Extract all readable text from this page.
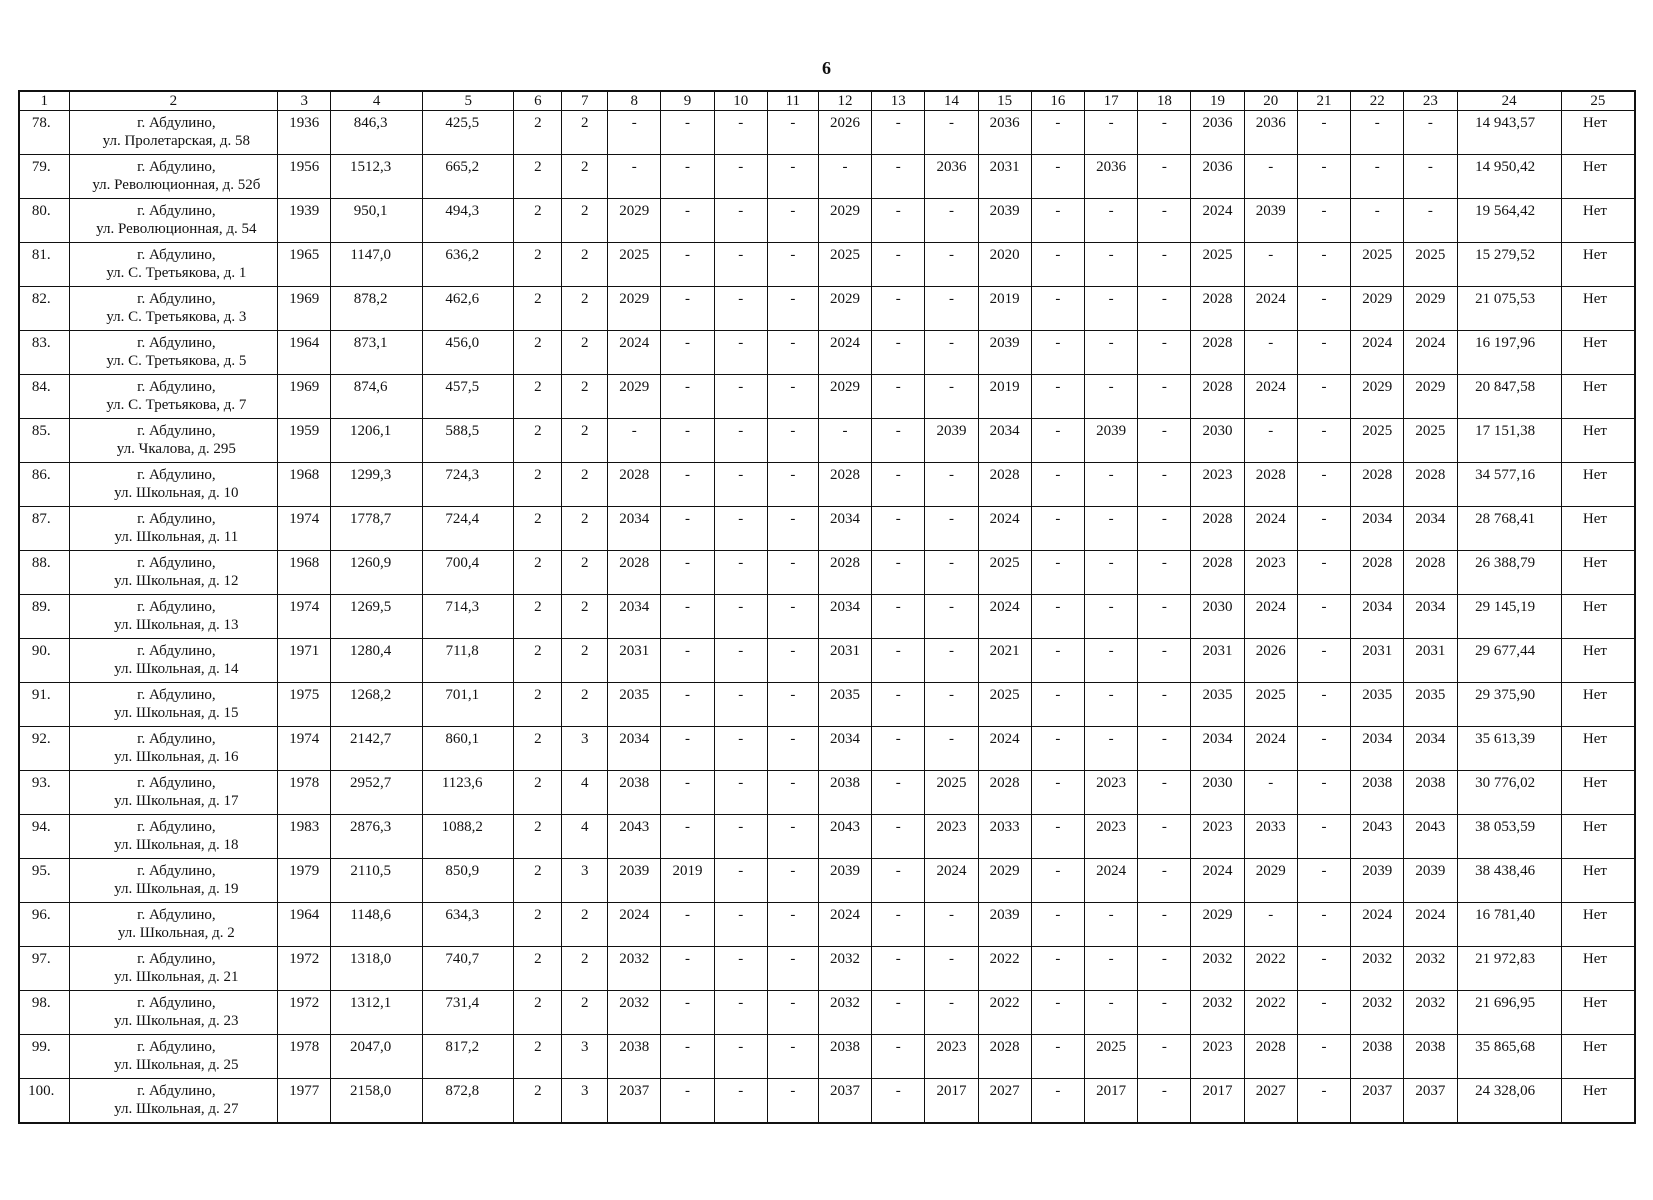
6
1	2	3	4	5	6	7	8	9	10	11	12	13	14	15	16	17	18	19	20	21	22	23	24	25
78.	г. Абдулино,
ул. Пролетарская, д. 58	1936	846,3	425,5	2	2	-	-	-	-	2026	-	-	2036	-	-	-	2036	2036	-	-	-	14 943,57	Нет
79.	г. Абдулино,
ул. Революционная, д. 52б	1956	1512,3	665,2	2	2	-	-	-	-	-	-	2036	2031	-	2036	-	2036	-	-	-	-	14 950,42	Нет
80.	г. Абдулино,
ул. Революционная, д. 54	1939	950,1	494,3	2	2	2029	-	-	-	2029	-	-	2039	-	-	-	2024	2039	-	-	-	19 564,42	Нет
81.	г. Абдулино,
ул. С. Третьякова, д. 1	1965	1147,0	636,2	2	2	2025	-	-	-	2025	-	-	2020	-	-	-	2025	-	-	2025	2025	15 279,52	Нет
82.	г. Абдулино,
ул. С. Третьякова, д. 3	1969	878,2	462,6	2	2	2029	-	-	-	2029	-	-	2019	-	-	-	2028	2024	-	2029	2029	21 075,53	Нет
83.	г. Абдулино,
ул. С. Третьякова, д. 5	1964	873,1	456,0	2	2	2024	-	-	-	2024	-	-	2039	-	-	-	2028	-	-	2024	2024	16 197,96	Нет
84.	г. Абдулино,
ул. С. Третьякова, д. 7	1969	874,6	457,5	2	2	2029	-	-	-	2029	-	-	2019	-	-	-	2028	2024	-	2029	2029	20 847,58	Нет
85.	г. Абдулино,
ул. Чкалова, д. 295	1959	1206,1	588,5	2	2	-	-	-	-	-	-	2039	2034	-	2039	-	2030	-	-	2025	2025	17 151,38	Нет
86.	г. Абдулино,
ул. Школьная, д. 10	1968	1299,3	724,3	2	2	2028	-	-	-	2028	-	-	2028	-	-	-	2023	2028	-	2028	2028	34 577,16	Нет
87.	г. Абдулино,
ул. Школьная, д. 11	1974	1778,7	724,4	2	2	2034	-	-	-	2034	-	-	2024	-	-	-	2028	2024	-	2034	2034	28 768,41	Нет
88.	г. Абдулино,
ул. Школьная, д. 12	1968	1260,9	700,4	2	2	2028	-	-	-	2028	-	-	2025	-	-	-	2028	2023	-	2028	2028	26 388,79	Нет
89.	г. Абдулино,
ул. Школьная, д. 13	1974	1269,5	714,3	2	2	2034	-	-	-	2034	-	-	2024	-	-	-	2030	2024	-	2034	2034	29 145,19	Нет
90.	г. Абдулино,
ул. Школьная, д. 14	1971	1280,4	711,8	2	2	2031	-	-	-	2031	-	-	2021	-	-	-	2031	2026	-	2031	2031	29 677,44	Нет
91.	г. Абдулино,
ул. Школьная, д. 15	1975	1268,2	701,1	2	2	2035	-	-	-	2035	-	-	2025	-	-	-	2035	2025	-	2035	2035	29 375,90	Нет
92.	г. Абдулино,
ул. Школьная, д. 16	1974	2142,7	860,1	2	3	2034	-	-	-	2034	-	-	2024	-	-	-	2034	2024	-	2034	2034	35 613,39	Нет
93.	г. Абдулино,
ул. Школьная, д. 17	1978	2952,7	1123,6	2	4	2038	-	-	-	2038	-	2025	2028	-	2023	-	2030	-	-	2038	2038	30 776,02	Нет
94.	г. Абдулино,
ул. Школьная, д. 18	1983	2876,3	1088,2	2	4	2043	-	-	-	2043	-	2023	2033	-	2023	-	2023	2033	-	2043	2043	38 053,59	Нет
95.	г. Абдулино,
ул. Школьная, д. 19	1979	2110,5	850,9	2	3	2039	2019	-	-	2039	-	2024	2029	-	2024	-	2024	2029	-	2039	2039	38 438,46	Нет
96.	г. Абдулино,
ул. Школьная, д. 2	1964	1148,6	634,3	2	2	2024	-	-	-	2024	-	-	2039	-	-	-	2029	-	-	2024	2024	16 781,40	Нет
97.	г. Абдулино,
ул. Школьная, д. 21	1972	1318,0	740,7	2	2	2032	-	-	-	2032	-	-	2022	-	-	-	2032	2022	-	2032	2032	21 972,83	Нет
98.	г. Абдулино,
ул. Школьная, д. 23	1972	1312,1	731,4	2	2	2032	-	-	-	2032	-	-	2022	-	-	-	2032	2022	-	2032	2032	21 696,95	Нет
99.	г. Абдулино,
ул. Школьная, д. 25	1978	2047,0	817,2	2	3	2038	-	-	-	2038	-	2023	2028	-	2025	-	2023	2028	-	2038	2038	35 865,68	Нет
100.	г. Абдулино,
ул. Школьная, д. 27	1977	2158,0	872,8	2	3	2037	-	-	-	2037	-	2017	2027	-	2017	-	2017	2027	-	2037	2037	24 328,06	Нет
